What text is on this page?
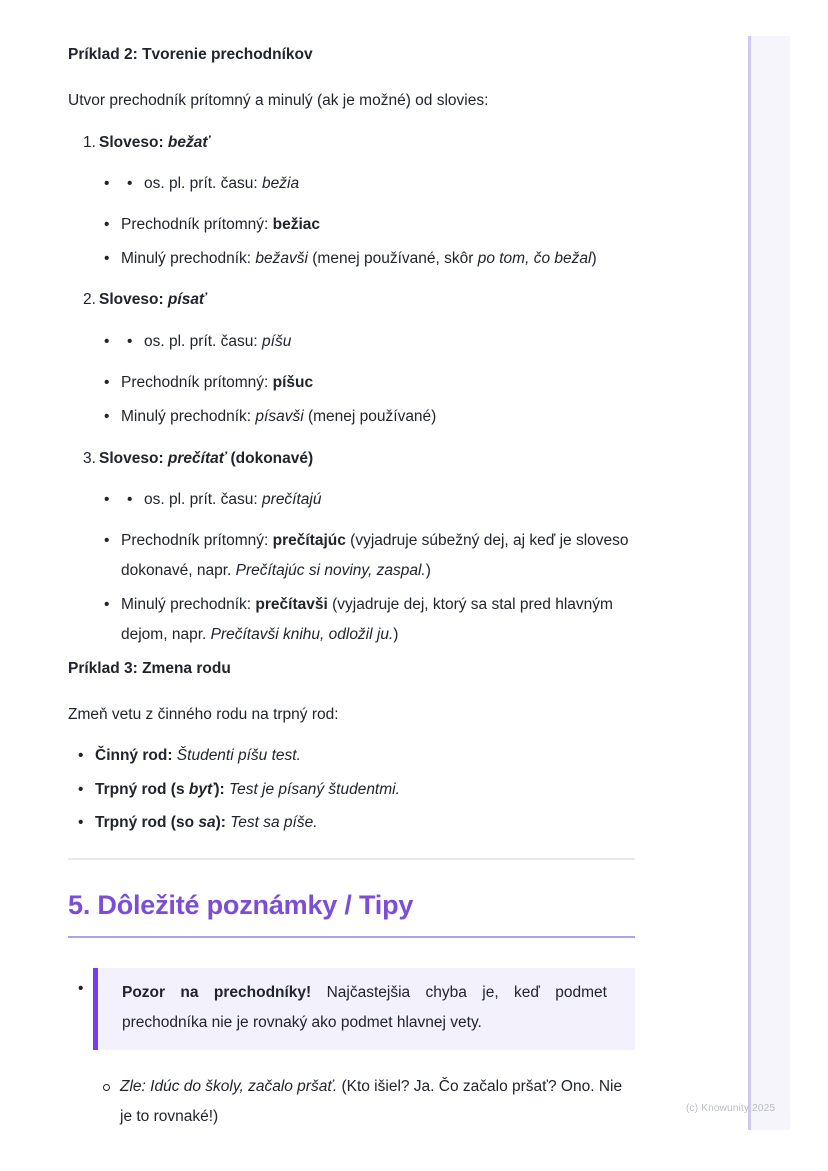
Príklad 2: Tvorenie prechodníkov

Utvor prechodník prítomný a minulý (ak je možné) od slovies:

1. Sloveso: bežať
•
•
os. pl. prít. času: bežia
•
Prechodník prítomný: bežiac
•
Minulý prechodník: bežavši (menej používané, skôr po tom, čo bežal)
2. Sloveso: písať
•
•
os. pl. prít. času: píšu
•
Prechodník prítomný: píšuc
•
Minulý prechodník: písavši (menej používané)
3. Sloveso: prečítať (dokonavé)
•
•
os. pl. prít. času: prečítajú
•
Prechodník prítomný: prečítajúc (vyjadruje súbežný dej, aj keď je sloveso dokonavé, napr. Prečítajúc si noviny, zaspal.)
•
Minulý prechodník: prečítavši (vyjadruje dej, ktorý sa stal pred hlavným dejom, napr. Prečítavši knihu, odložil ju.)
Príklad 3: Zmena rodu

Zmeň vetu z činného rodu na trpný rod:

•
Činný rod: Študenti píšu test.
•
Trpný rod (s byť): Test je písaný študentmi.
•
Trpný rod (so sa): Test sa píše.
5. Dôležité poznámky / Tipy
•
Pozor na prechodníky! Najčastejšia chyba je, keď podmet prechodníka nie je rovnaký ako podmet hlavnej vety.
Zle: Idúc do školy, začalo pršať. (Kto išiel? Ja. Čo začalo pršať? Ono. Nie je to rovnaké!)	(c) Knowunity 2025
